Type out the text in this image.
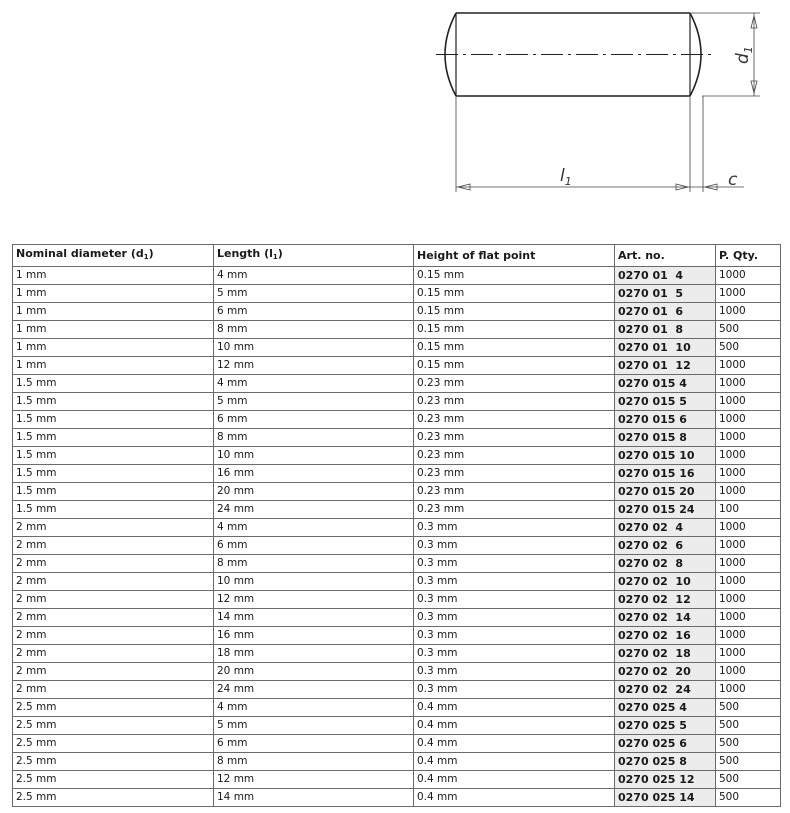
$d_1$
$l_1$	c
Nominal diameter $(d_1)$	Length $(l_1)$	Height of flat point	Art. no.	P. Qty.
1 mm	4 mm	0.15 mm	0270 01  4	1000
1 mm	5 mm	0.15 mm	0270 01  5	1000
1 mm	6 mm	0.15 mm	0270 01  6	1000
1 mm	8 mm	0.15 mm	0270 01  8	500
1 mm	10 mm	0.15 mm	0270 01  10	500
1 mm	12 mm	0.15 mm	0270 01  12	1000
1.5 mm	4 mm	0.23 mm	0270 015 4	1000
1.5 mm	5 mm	0.23 mm	0270 015 5	1000
1.5 mm	6 mm	0.23 mm	0270 015 6	1000
1.5 mm	8 mm	0.23 mm	0270 015 8	1000
1.5 mm	10 mm	0.23 mm	0270 015 10	1000
1.5 mm	16 mm	0.23 mm	0270 015 16	1000
1.5 mm	20 mm	0.23 mm	0270 015 20	1000
1.5 mm	24 mm	0.23 mm	0270 015 24	100
2 mm	4 mm	0.3 mm	0270 02  4	1000
2 mm	6 mm	0.3 mm	0270 02  6	1000
2 mm	8 mm	0.3 mm	0270 02  8	1000
2 mm	10 mm	0.3 mm	0270 02  10	1000
2 mm	12 mm	0.3 mm	0270 02  12	1000
2 mm	14 mm	0.3 mm	0270 02  14	1000
2 mm	16 mm	0.3 mm	0270 02  16	1000
2 mm	18 mm	0.3 mm	0270 02  18	1000
2 mm	20 mm	0.3 mm	0270 02  20	1000
2 mm	24 mm	0.3 mm	0270 02  24	1000
2.5 mm	4 mm	0.4 mm	0270 025 4	500
2.5 mm	5 mm	0.4 mm	0270 025 5	500
2.5 mm	6 mm	0.4 mm	0270 025 6	500
2.5 mm	8 mm	0.4 mm	0270 025 8	500
2.5 mm	12 mm	0.4 mm	0270 025 12	500
2.5 mm	14 mm	0.4 mm	0270 025 14	500
